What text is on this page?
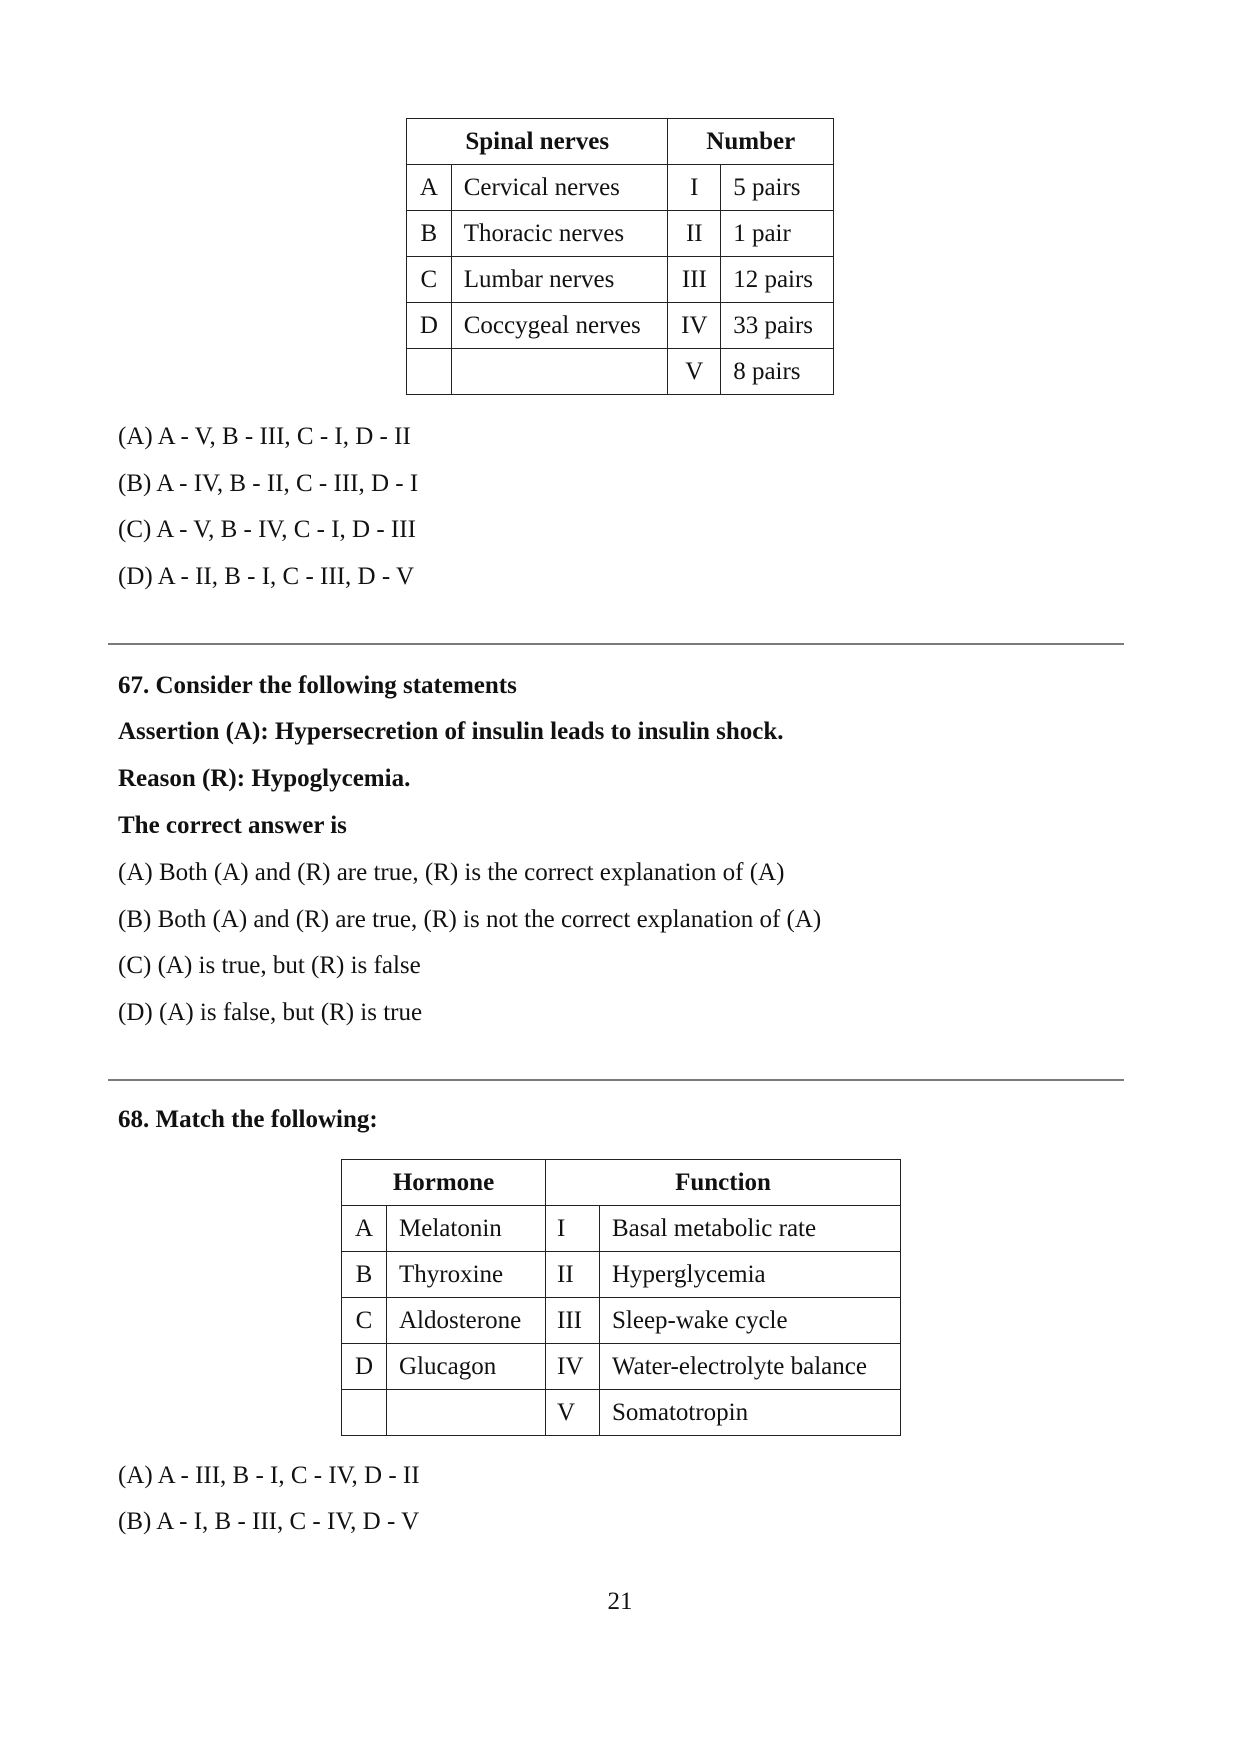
Spinal nerves		Number	
A	Cervical nerves	I	5 pairs
B	Thoracic nerves	II	1 pair
C	Lumbar nerves	III	12 pairs
D	Coccygeal nerves	IV	33 pairs
		V	8 pairs
(A) A - V, B - III, C - I, D - II
(B) A - IV, B - II, C - III, D - I
(C) A - V, B - IV, C - I, D - III
(D) A - II, B - I, C - III, D - V
67. Consider the following statements
Assertion (A): Hypersecretion of insulin leads to insulin shock.
Reason (R): Hypoglycemia.
The correct answer is
(A) Both (A) and (R) are true, (R) is the correct explanation of (A)
(B) Both (A) and (R) are true, (R) is not the correct explanation of (A)
(C) (A) is true, but (R) is false
(D) (A) is false, but (R) is true
68. Match the following:
Hormone		Function	
A	Melatonin	I	Basal metabolic rate
B	Thyroxine	II	Hyperglycemia
C	Aldosterone	III	Sleep-wake cycle
D	Glucagon	IV	Water-electrolyte balance
		V	Somatotropin
(A) A - III, B - I, C - IV, D - II
(B) A - I, B - III, C - IV, D - V
21
